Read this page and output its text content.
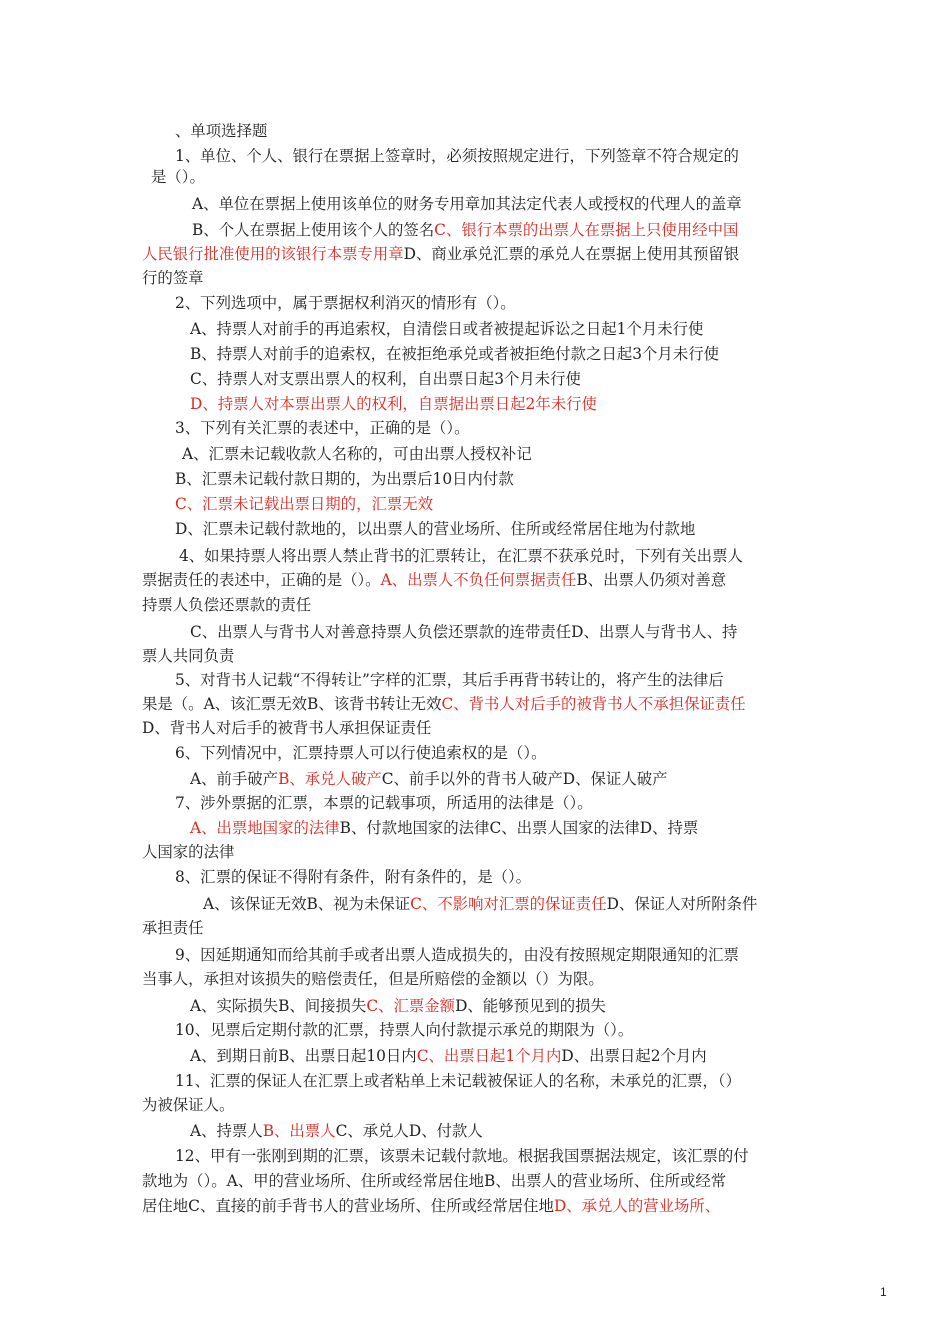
、单项选择题
1、单位、个人、银行在票据上签章时，必须按照规定进行，下列签章不符合规定的
是（）。
A、单位在票据上使用该单位的财务专用章加其法定代表人或授权的代理人的盖章
B、个人在票据上使用该个人的签名C、银行本票的出票人在票据上只使用经中国
人民银行批准使用的该银行本票专用章D、商业承兑汇票的承兑人在票据上使用其预留银
行的签章
2、下列选项中，属于票据权利消灭的情形有（）。
A、持票人对前手的再追索权，自清偿日或者被提起诉讼之日起1个月未行使
B、持票人对前手的追索权，在被拒绝承兑或者被拒绝付款之日起3个月未行使
C、持票人对支票出票人的权利，自出票日起3个月未行使
D、持票人对本票出票人的权利，自票据出票日起2年未行使
3、下列有关汇票的表述中，正确的是（）。
A、汇票未记载收款人名称的，可由出票人授权补记
B、汇票未记载付款日期的，为出票后10日内付款
C、汇票未记载出票日期的，汇票无效
D、汇票未记载付款地的，以出票人的营业场所、住所或经常居住地为付款地
4、如果持票人将出票人禁止背书的汇票转让，在汇票不获承兑时，下列有关出票人
票据责任的表述中，正确的是（）。A、出票人不负任何票据责任B、出票人仍须对善意
持票人负偿还票款的责任
C、出票人与背书人对善意持票人负偿还票款的连带责任D、出票人与背书人、持
票人共同负责
5、对背书人记载“不得转让”字样的汇票，其后手再背书转让的，将产生的法律后
果是（。A、该汇票无效B、该背书转让无效C、背书人对后手的被背书人不承担保证责任
D、背书人对后手的被背书人承担保证责任
6、下列情况中，汇票持票人可以行使追索权的是（）。
A、前手破产B、承兑人破产C、前手以外的背书人破产D、保证人破产
7、涉外票据的汇票，本票的记载事项，所适用的法律是（）。
A、出票地国家的法律B、付款地国家的法律C、出票人国家的法律D、持票
人国家的法律
8、汇票的保证不得附有条件，附有条件的，是（）。
A、该保证无效B、视为未保证C、不影响对汇票的保证责任D、保证人对所附条件
承担责任
9、因延期通知而给其前手或者出票人造成损失的，由没有按照规定期限通知的汇票
当事人，承担对该损失的赔偿责任，但是所赔偿的金额以（）为限。
A、实际损失B、间接损失C、汇票金额D、能够预见到的损失
10、见票后定期付款的汇票，持票人向付款提示承兑的期限为（）。
A、到期日前B、出票日起10日内C、出票日起1个月内D、出票日起2个月内
11、汇票的保证人在汇票上或者粘单上未记载被保证人的名称，未承兑的汇票，（）
为被保证人。
A、持票人B、出票人C、承兑人D、付款人
12、甲有一张刚到期的汇票，该票未记载付款地。根据我国票据法规定，该汇票的付
款地为（）。A、甲的营业场所、住所或经常居住地B、出票人的营业场所、住所或经常
居住地C、直接的前手背书人的营业场所、住所或经常居住地D、承兑人的营业场所、
1
